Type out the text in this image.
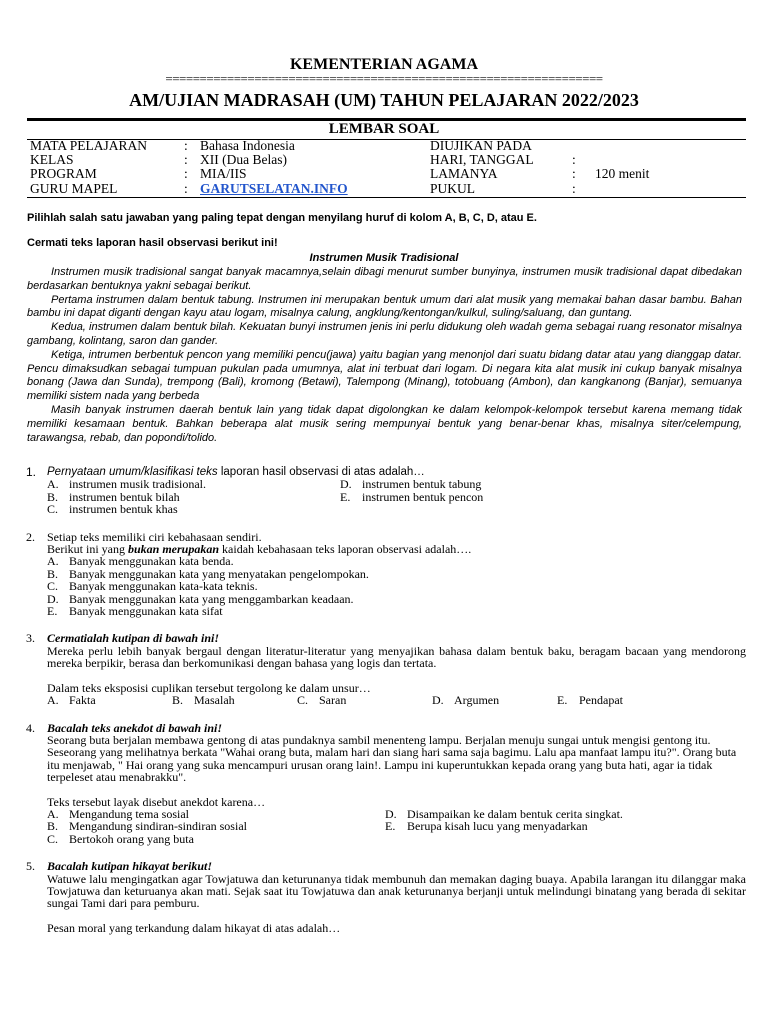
KEMENTERIAN AGAMA
================================================================
AM/UJIAN MADRASAH (UM) TAHUN PELAJARAN 2022/2023
LEMBAR SOAL
MATA PELAJARAN	: Bahasa Indonesia	DIUJIKAN PADA
KELAS	: XII (Dua Belas)	HARI, TANGGAL	:
PROGRAM	: MIA/IIS	LAMANYA	: 120 menit
GURU MAPEL	: GARUTSELATAN.INFO	PUKUL	:
Pilihlah salah satu jawaban yang paling tepat dengan menyilang huruf di kolom A, B, C, D, atau E.
Cermati teks laporan hasil observasi berikut ini!
Instrumen Musik Tradisional

Instrumen musik tradisional sangat banyak macamnya,selain dibagi menurut sumber bunyinya, instrumen musik tradisional dapat dibedakan berdasarkan bentuknya yakni sebagai berikut.

Pertama instrumen dalam bentuk tabung. Instrumen ini merupakan bentuk umum dari alat musik yang memakai bahan dasar bambu. Bahan bambu ini dapat diganti dengan kayu atau logam, misalnya calung, angklung/kentongan/kulkul, suling/saluang, dan guntang.

Kedua, instrumen dalam bentuk bilah. Kekuatan bunyi instrumen jenis ini perlu didukung oleh wadah gema sebagai ruang resonator misalnya gambang, kolintang, saron dan gander.

Ketiga, intrumen berbentuk pencon yang memiliki pencu(jawa) yaitu bagian yang menonjol dari suatu bidang datar atau yang dianggap datar. Pencu dimaksudkan sebagai tumpuan pukulan pada umumnya, alat ini terbuat dari logam. Di negara kita alat musik ini cukup banyak misalnya bonang (Jawa dan Sunda), trempong (Bali), kromong (Betawi), Talempong (Minang), totobuang (Ambon), dan kangkanong (Banjar), semuanya memiliki sistem nada yang berbeda

Masih banyak instrumen daerah bentuk lain yang tidak dapat digolongkan ke dalam kelompok-kelompok tersebut karena memang tidak memiliki kesamaan bentuk. Bahkan beberapa alat musik sering mempunyai bentuk yang benar-benar khas, misalnya siter/celempung, tarawangsa, rebab, dan popondi/tolido.

1. Pernyataan umum/klasifikasi teks laporan hasil observasi di atas adalah…
A. instrumen musik tradisional.	D. instrumen bentuk tabung
B. instrumen bentuk bilah	E. instrumen bentuk pencon
C. instrumen bentuk khas
2. Setiap teks memiliki ciri kebahasaan sendiri.
Berikut ini yang bukan merupakan kaidah kebahasaan teks laporan observasi adalah….
A. Banyak menggunakan kata benda.
B. Banyak menggunakan kata yang menyatakan pengelompokan.
C. Banyak menggunakan kata-kata teknis.
D. Banyak menggunakan kata yang menggambarkan keadaan.
E. Banyak menggunakan kata sifat
3. Cermatialah kutipan di bawah ini!
Mereka perlu lebih banyak bergaul dengan literatur-literatur yang menyajikan bahasa dalam bentuk baku, beragam bacaan yang mendorong mereka berpikir, berasa dan berkomunikasi dengan bahasa yang logis dan tertata.
Dalam teks eksposisi cuplikan tersebut tergolong ke dalam unsur…
A. Fakta	B. Masalah	C. Saran	D. Argumen	E. Pendapat
4. Bacalah teks anekdot di bawah ini!
Seorang buta berjalan membawa gentong di atas pundaknya sambil menenteng lampu. Berjalan menuju sungai untuk mengisi gentong itu. Seseorang yang melihatnya berkata "Wahai orang buta, malam hari dan siang hari sama saja bagimu. Lalu apa manfaat lampu itu?". Orang buta itu menjawab, " Hai orang yang suka mencampuri urusan orang lain!. Lampu ini kuperuntukkan kepada orang yang buta hati, agar ia tidak terpeleset atau menabrakku".
Teks tersebut layak disebut anekdot karena…
A. Mengandung tema sosial	D. Disampaikan ke dalam bentuk cerita singkat.
B. Mengandung sindiran-sindiran sosial	E. Berupa kisah lucu yang menyadarkan
C. Bertokoh orang yang buta
5. Bacalah kutipan hikayat berikut!
Watuwe lalu mengingatkan agar Towjatuwa dan keturunanya tidak membunuh dan memakan daging buaya. Apabila larangan itu dilanggar maka Towjatuwa dan keturuanya akan mati. Sejak saat itu Towjatuwa dan anak keturunanya berjanji untuk melindungi binatang yang berada di sekitar sungai Tami dari para pemburu.
Pesan moral yang terkandung dalam hikayat di atas adalah…
